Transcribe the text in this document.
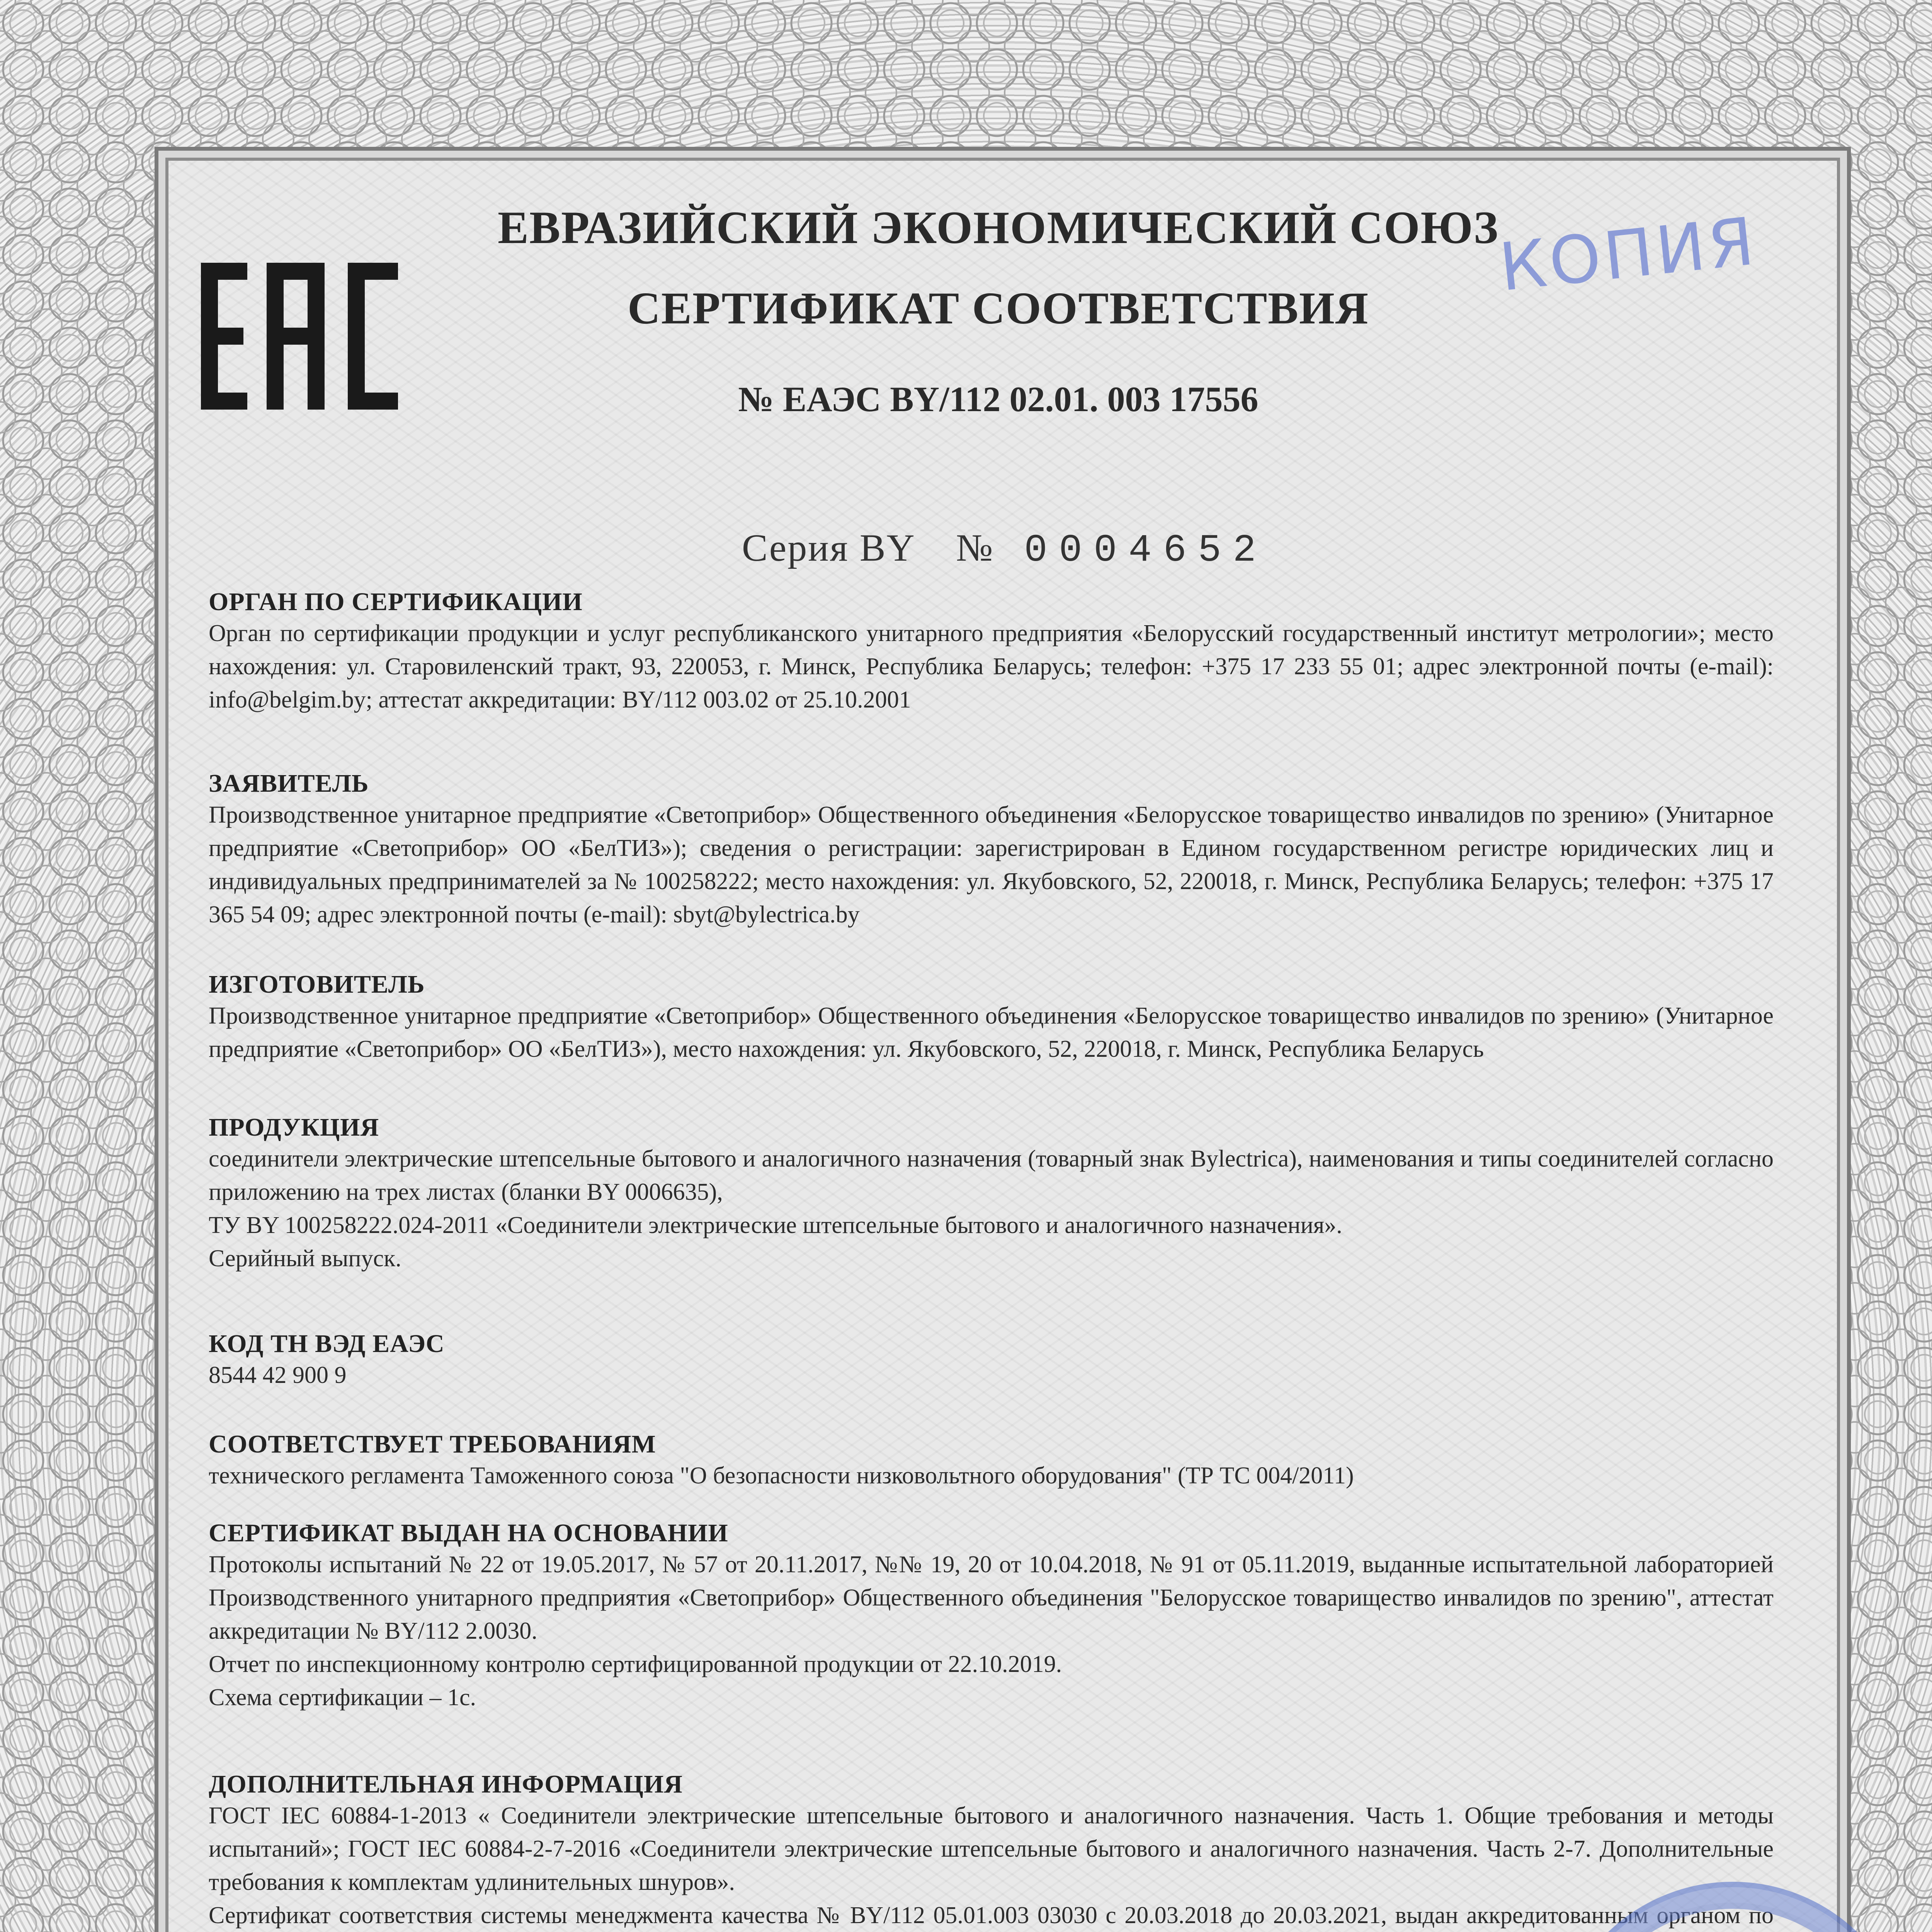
ЕВРАЗИЙСКИЙ ЭКОНОМИЧЕСКИЙ СОЮЗ
СЕРТИФИКАТ СООТВЕТСТВИЯ
№ ЕАЭС BY/112 02.01. 003 17556
КОПИЯ
Серия BY № 0004652
ОРГАН ПО СЕРТИФИКАЦИИ

Орган по сертификации продукции и услуг республиканского унитарного предприятия «Белорусский государственный институт метрологии»; место нахождения: ул. Старовиленский тракт, 93, 220053, г. Минск, Республика Беларусь; телефон: +375 17 233 55 01; адрес электронной почты (e-mail): info@belgim.by; аттестат аккредитации: BY/112 003.02 от 25.10.2001

ЗАЯВИТЕЛЬ

Производственное унитарное предприятие «Светоприбор» Общественного объединения «Белорусское товарищество инвалидов по зрению» (Унитарное предприятие «Светоприбор» ОО «БелТИЗ»); сведения о регистрации: зарегистрирован в Едином государственном регистре юридических лиц и индивидуальных предпринимателей за № 100258222; место нахождения: ул. Якубовского, 52, 220018, г. Минск, Республика Беларусь; телефон: +375 17 365 54 09; адрес электронной почты (e-mail): sbyt@bylectrica.by

ИЗГОТОВИТЕЛЬ

Производственное унитарное предприятие «Светоприбор» Общественного объединения «Белорусское товарищество инвалидов по зрению» (Унитарное предприятие «Светоприбор» ОО «БелТИЗ»), место нахождения: ул. Якубовского, 52, 220018, г. Минск, Республика Беларусь

ПРОДУКЦИЯ

соединители электрические штепсельные бытового и аналогичного назначения (товарный знак Bylectrica), наименования и типы соединителей согласно приложению на трех листах (бланки BY 0006635),

ТУ BY 100258222.024-2011 «Соединители электрические штепсельные бытового и аналогичного назначения».

Серийный выпуск.

КОД ТН ВЭД ЕАЭС

8544 42 900 9

СООТВЕТСТВУЕТ ТРЕБОВАНИЯМ

технического регламента Таможенного союза "О безопасности низковольтного оборудования" (ТР ТС 004/2011)

СЕРТИФИКАТ ВЫДАН НА ОСНОВАНИИ

Протоколы испытаний № 22 от 19.05.2017, № 57 от 20.11.2017, №№ 19, 20 от 10.04.2018, № 91 от 05.11.2019, выданные испытательной лабораторией Производственного унитарного предприятия «Светоприбор» Общественного объединения "Белорусское товарищество инвалидов по зрению", аттестат аккредитации № BY/112 2.0030.

Отчет по инспекционному контролю сертифицированной продукции от 22.10.2019.

Схема сертификации – 1с.

ДОПОЛНИТЕЛЬНАЯ ИНФОРМАЦИЯ

ГОСТ IEC 60884-1-2013 « Соединители электрические штепсельные бытового и аналогичного назначения. Часть 1. Общие требования и методы испытаний»; ГОСТ IEC 60884-2-7-2016 «Соединители электрические штепсельные бытового и аналогичного назначения. Часть 2-7. Дополнительные требования к комплектам удлинительных шнуров».

Сертификат соответствия системы менеджмента качества № BY/112 05.01.003 03030 с 20.03.2018 до 20.03.2021, выдан аккредитованным органом по
